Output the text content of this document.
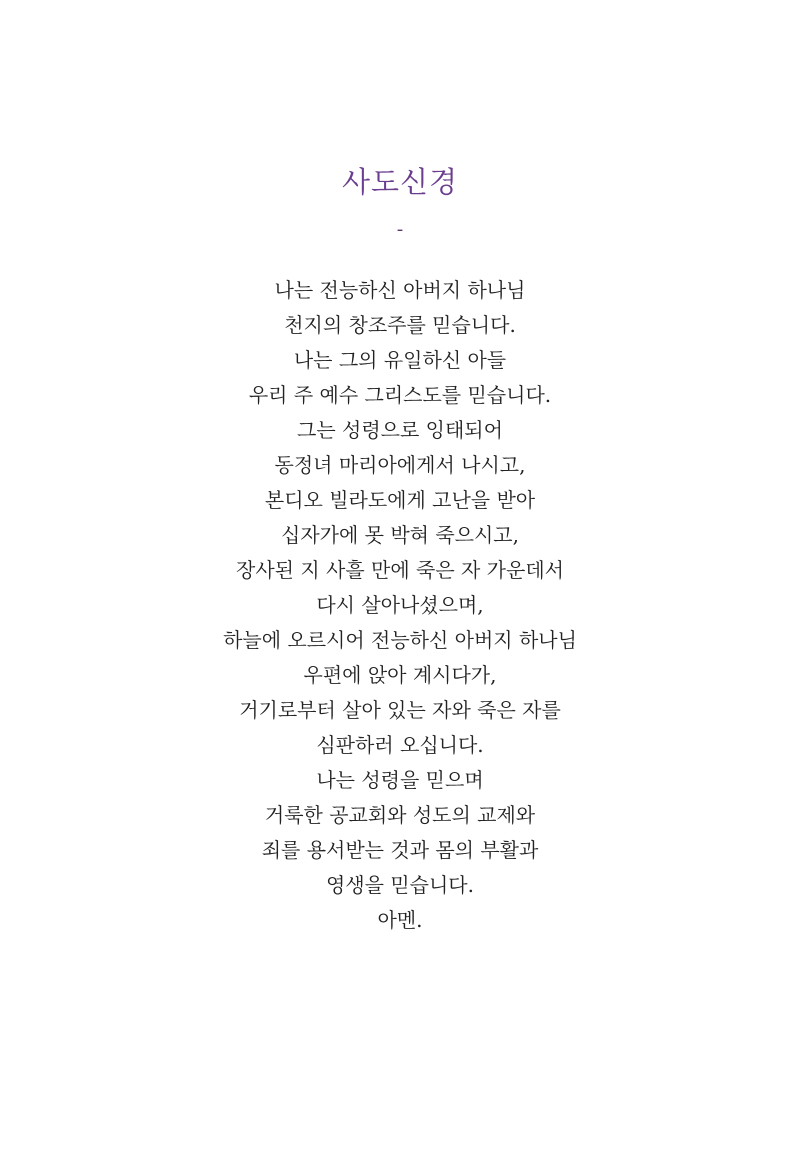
사도신경
-
나는 전능하신 아버지 하나님
천지의 창조주를 믿습니다.
나는 그의 유일하신 아들
우리 주 예수 그리스도를 믿습니다.
그는 성령으로 잉태되어
동정녀 마리아에게서 나시고,
본디오 빌라도에게 고난을 받아
십자가에 못 박혀 죽으시고,
장사된 지 사흘 만에 죽은 자 가운데서
다시 살아나셨으며,
하늘에 오르시어 전능하신 아버지 하나님
우편에 앉아 계시다가,
거기로부터 살아 있는 자와 죽은 자를
심판하러 오십니다.
나는 성령을 믿으며
거룩한 공교회와 성도의 교제와
죄를 용서받는 것과 몸의 부활과
영생을 믿습니다.
아멘.
